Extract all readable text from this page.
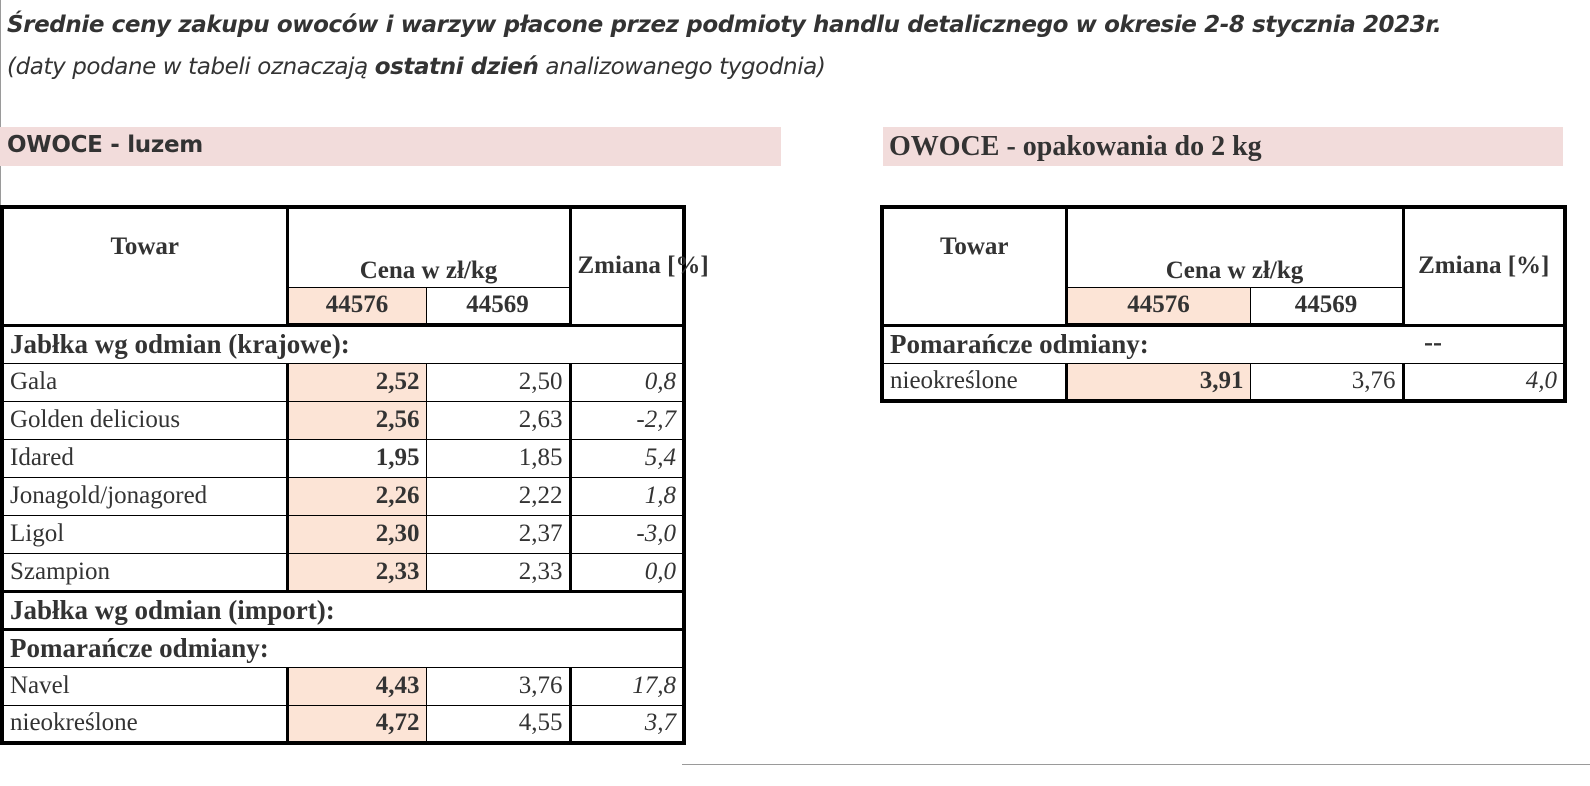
Średnie ceny zakupu owoców i warzyw płacone przez podmioty handlu detalicznego w okresie 2-8 stycznia 2023r.
(daty podane w tabeli oznaczają ostatni dzień analizowanego tygodnia)
OWOCE - luzem	OWOCE - opakowania do 2 kg
Towar	Cena w zł/kg		Zmiana [%]
	44576	44569	
Jabłka wg odmian (krajowe):			
Gala	2,52	2,50	0,8
Golden delicious	2,56	2,63	-2,7
Idared	1,95	1,85	5,4
Jonagold/jonagored	2,26	2,22	1,8
Ligol	2,30	2,37	-3,0
Szampion	2,33	2,33	0,0
Jabłka wg odmian (import):			
Pomarańcze odmiany:			
Navel	4,43	3,76	17,8
nieokreślone	4,72	4,55	3,7
Towar	Cena w zł/kg		Zmiana [%]
	44576	44569	
Pomarańcze odmiany: --			

nieokreślone	3,91	3,76	4,0
